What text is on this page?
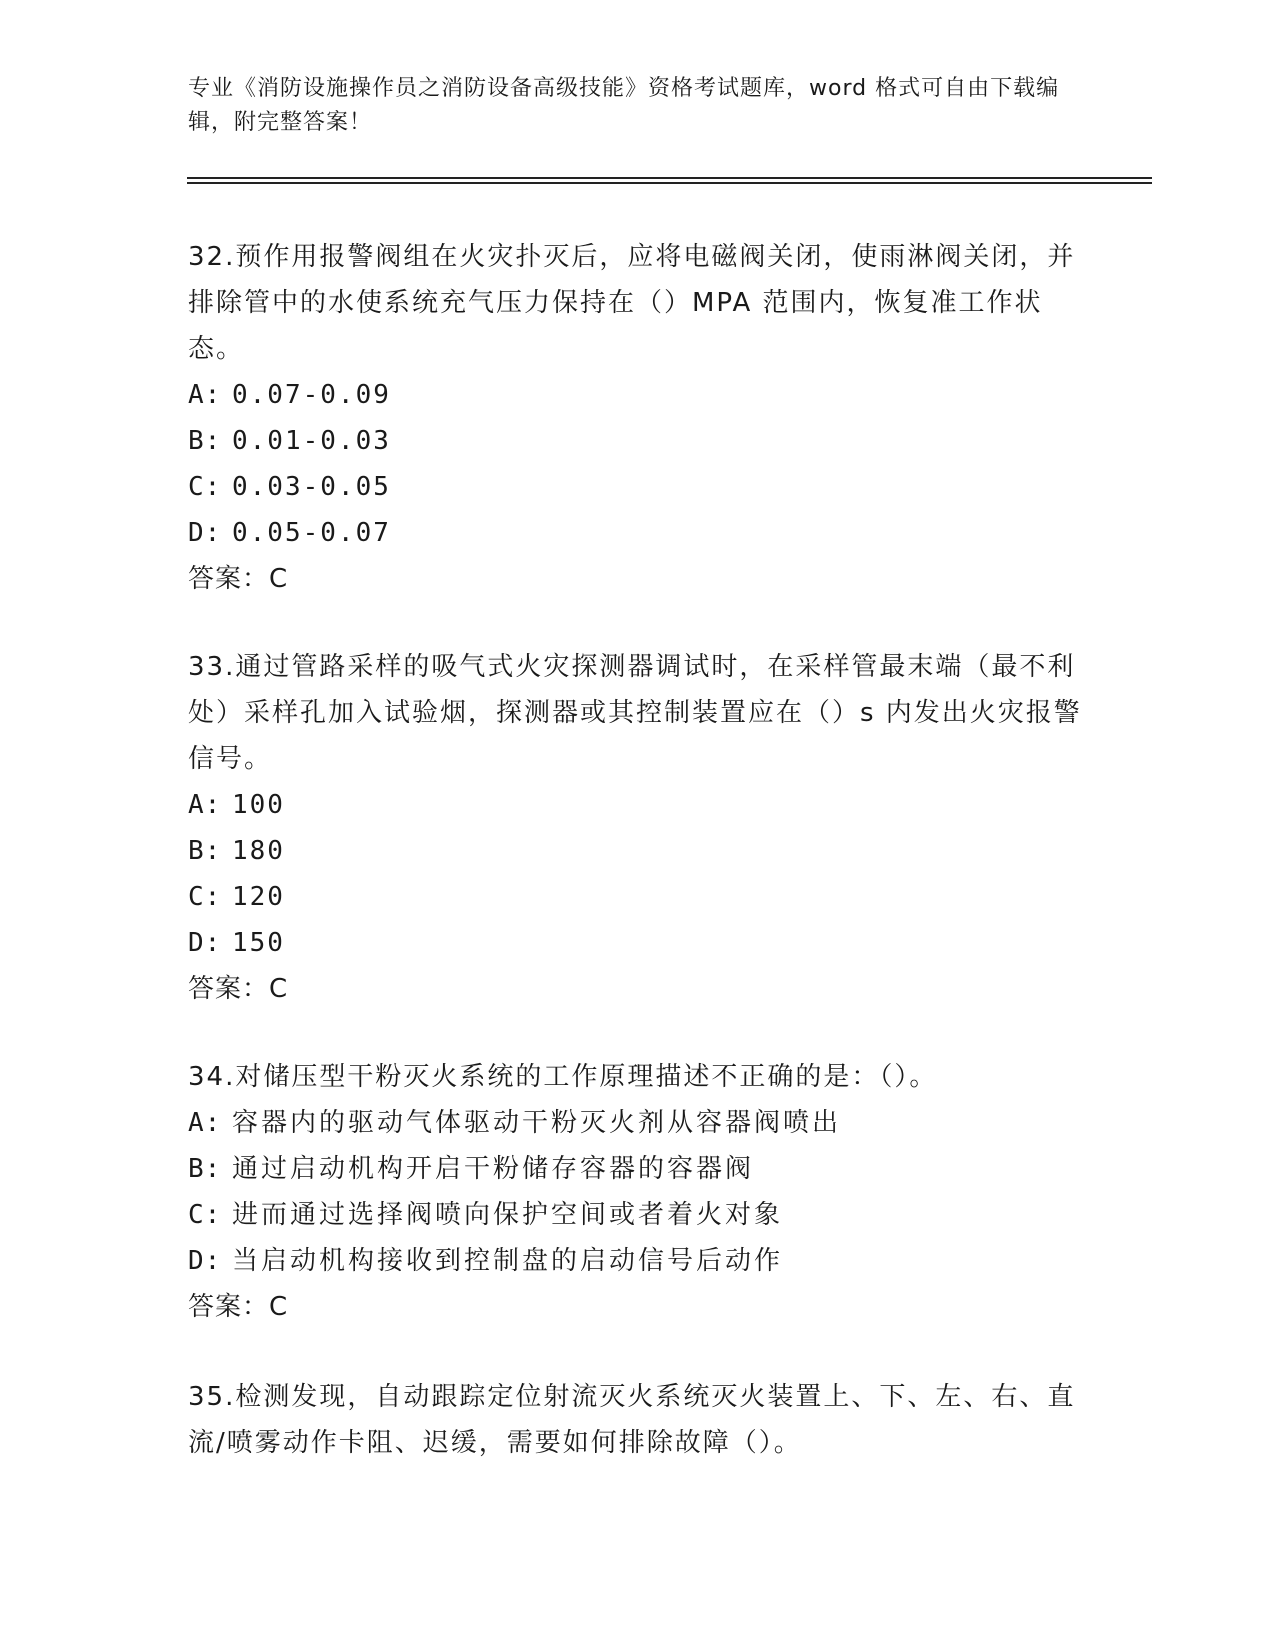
专业《消防设施操作员之消防设备高级技能》资格考试题库，word 格式可自由下载编辑，附完整答案！

32.预作用报警阀组在火灾扑灭后，应将电磁阀关闭，使雨淋阀关闭，并排除管中的水使系统充气压力保持在（）MPA 范围内，恢复准工作状态。

A: 0.07-0.09
B: 0.01-0.03
C: 0.03-0.05
D: 0.05-0.07
答案：C

33.通过管路采样的吸气式火灾探测器调试时，在采样管最末端（最不利处）采样孔加入试验烟，探测器或其控制装置应在（）s 内发出火灾报警信号。

A: 100
B: 180
C: 120
D: 150
答案：C

34.对储压型干粉灭火系统的工作原理描述不正确的是：（）。

A: 容器内的驱动气体驱动干粉灭火剂从容器阀喷出
B: 通过启动机构开启干粉储存容器的容器阀
C: 进而通过选择阀喷向保护空间或者着火对象
D: 当启动机构接收到控制盘的启动信号后动作
答案：C

35.检测发现，自动跟踪定位射流灭火系统灭火装置上、下、左、右、直流/喷雾动作卡阻、迟缓，需要如何排除故障（）。
